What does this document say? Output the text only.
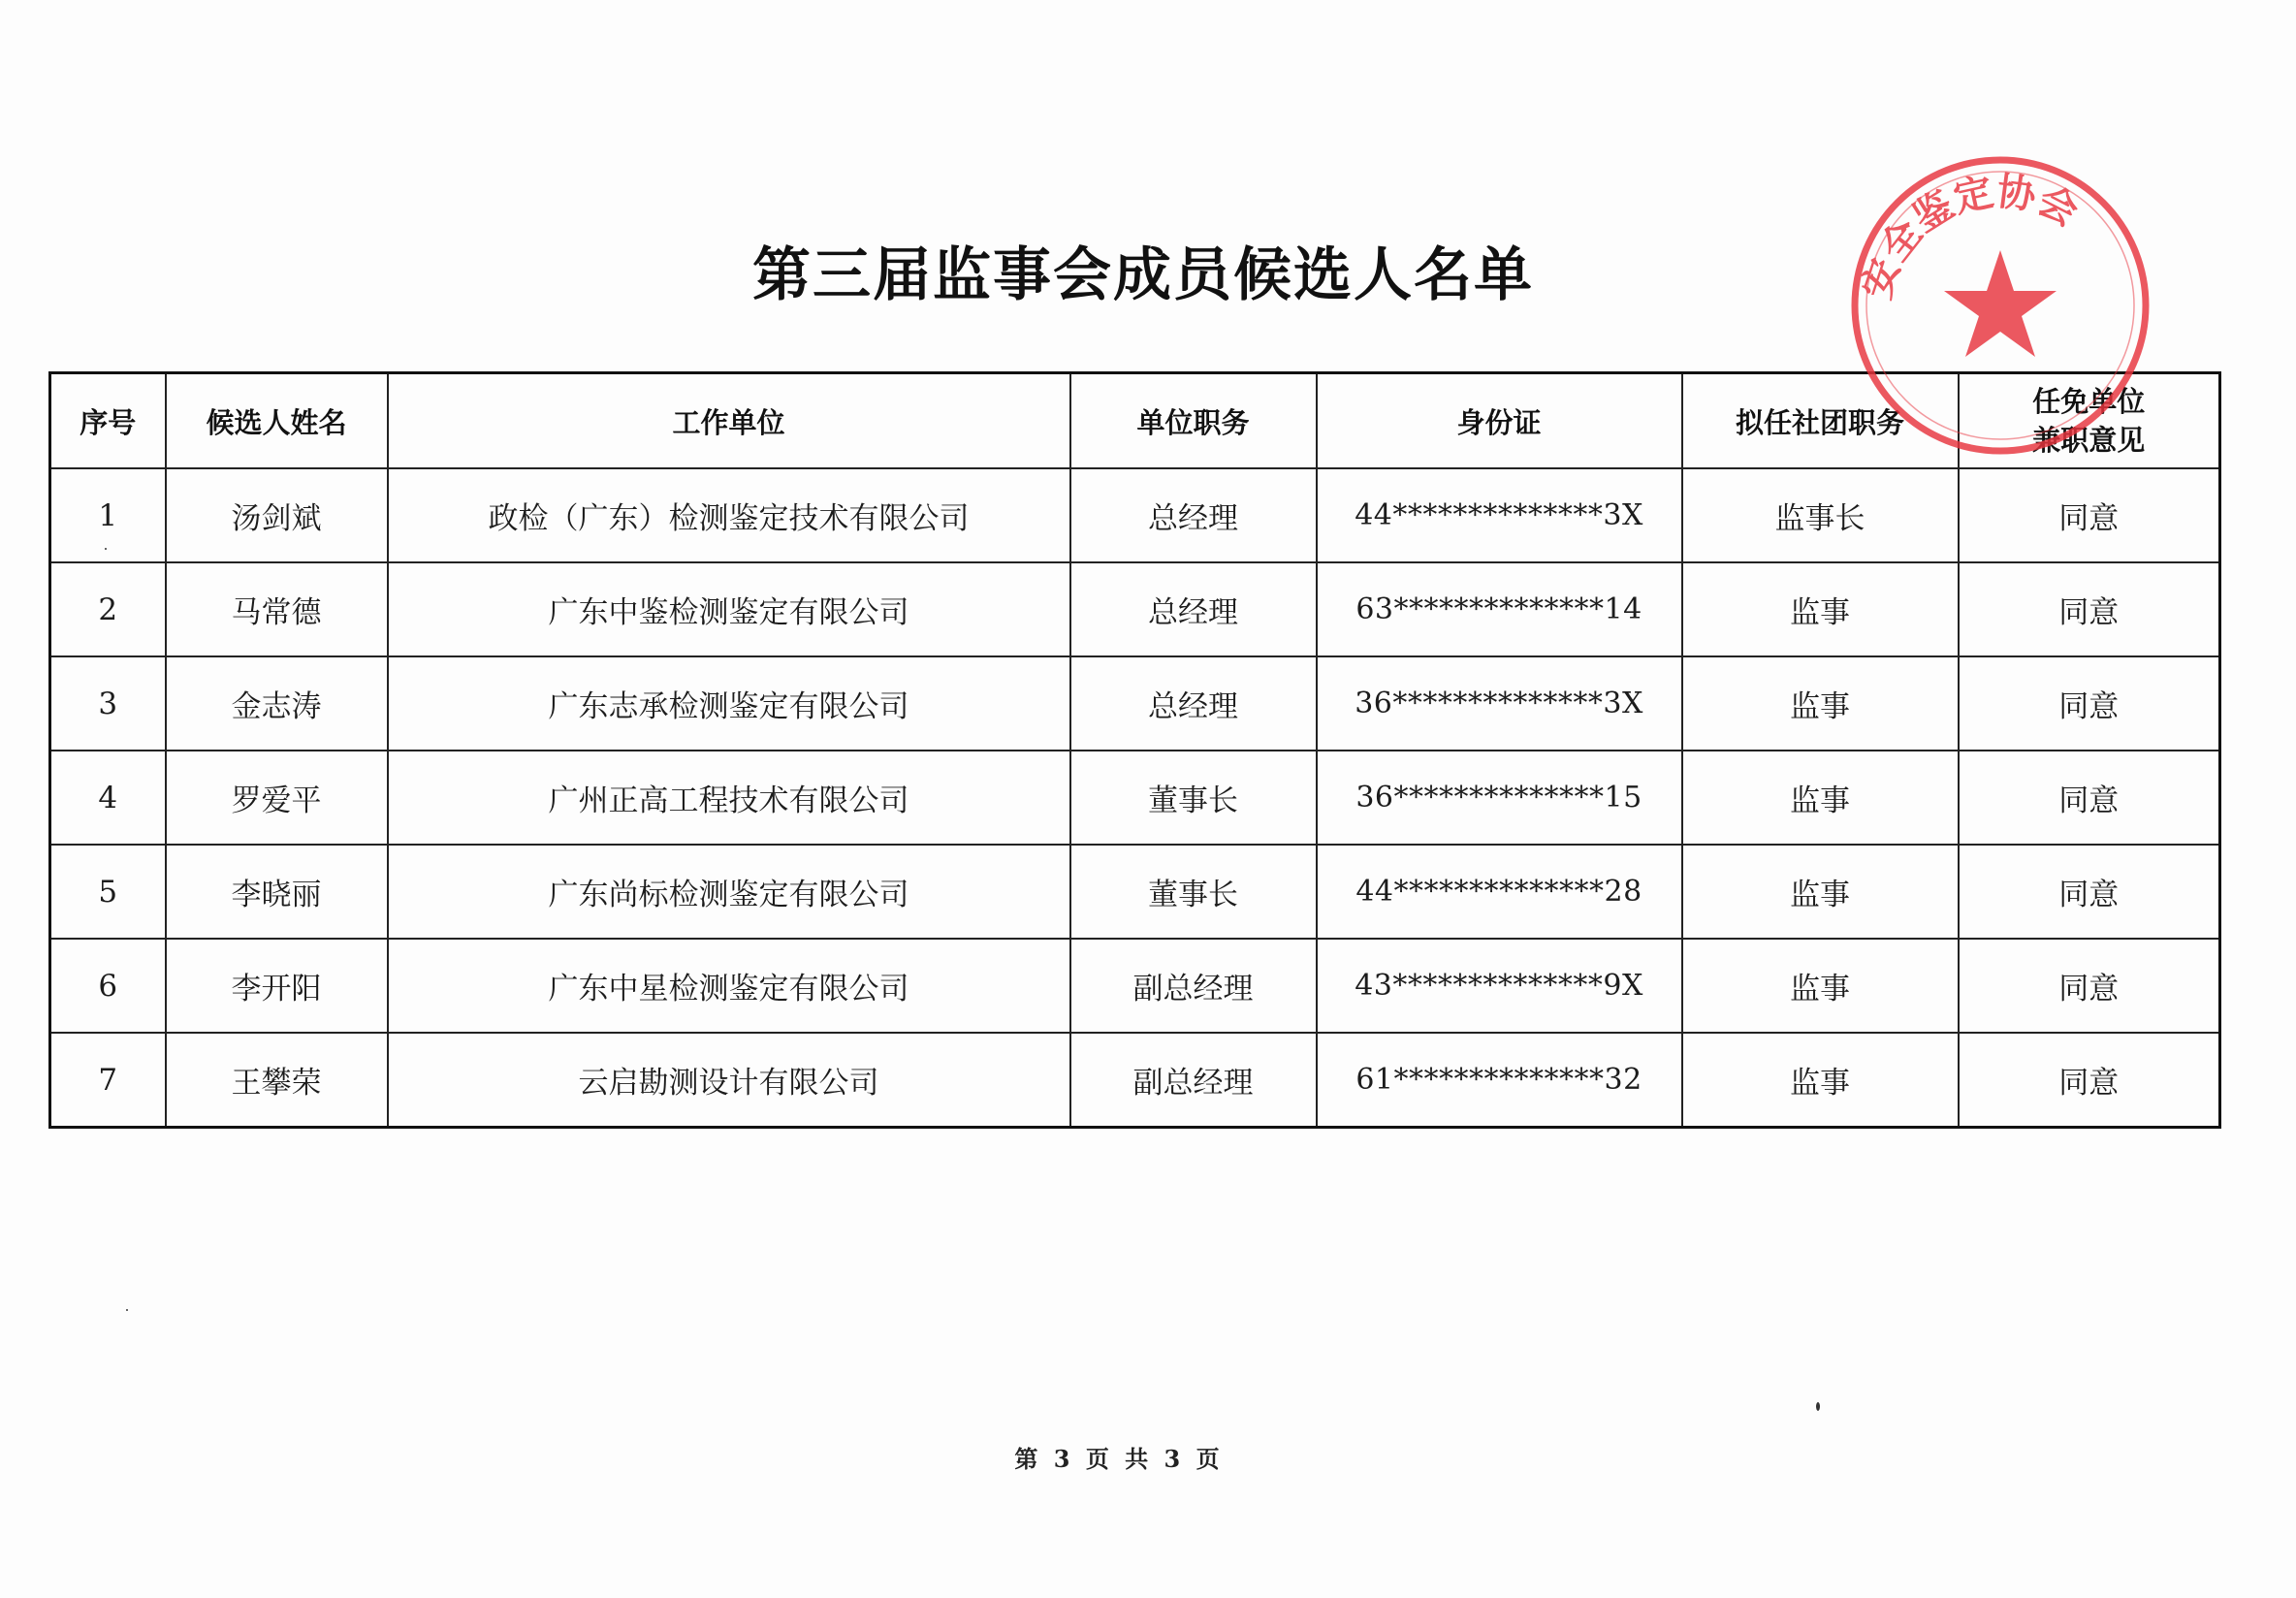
第三届监事会成员候选人名单
序号	候选人姓名	工作单位	单位职务	身份证	拟任社团职务	任免单位
兼职意见
1	汤剑斌	政检（广东）检测鉴定技术有限公司	总经理	44**************3X	监事长	同意
2	马常德	广东中鉴检测鉴定有限公司	总经理	63**************14	监事	同意
3	金志涛	广东志承检测鉴定有限公司	总经理	36**************3X	监事	同意
4	罗爱平	广州正高工程技术有限公司	董事长	36**************15	监事	同意
5	李晓丽	广东尚标检测鉴定有限公司	董事长	44**************28	监事	同意
6	李开阳	广东中星检测鉴定有限公司	副总经理	43**************9X	监事	同意
7	王攀荣	云启勘测设计有限公司	副总经理	61**************32	监事	同意
安全鉴定协会
第 3 页 共 3 页
